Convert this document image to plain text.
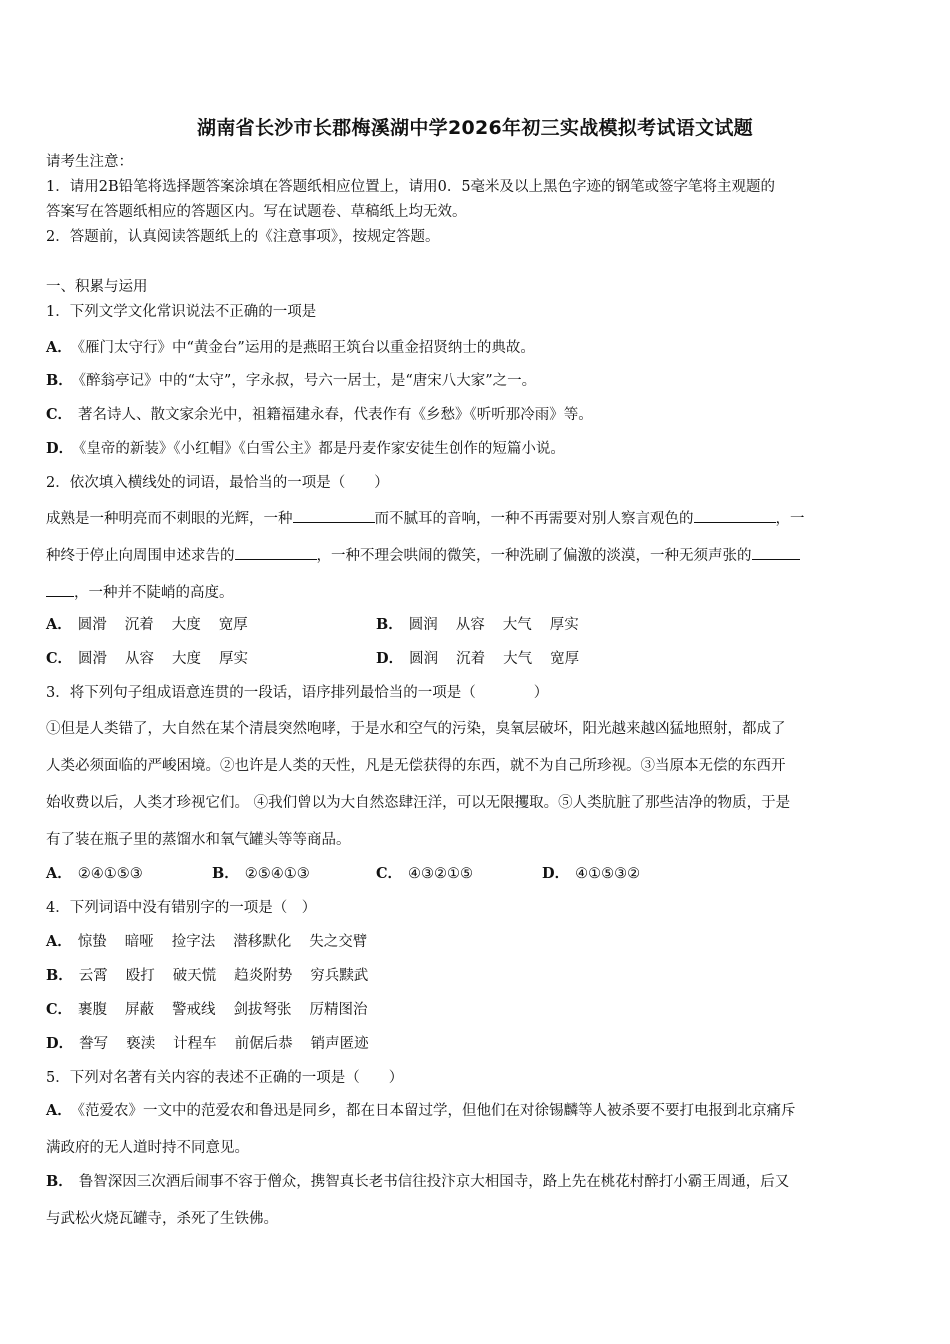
湖南省长沙市长郡梅溪湖中学2026年初三实战模拟考试语文试题
请考生注意：
1．请用2B铅笔将选择题答案涂填在答题纸相应位置上，请用0．5毫米及以上黑色字迹的钢笔或签字笔将主观题的
答案写在答题纸相应的答题区内。写在试题卷、草稿纸上均无效。
2．答题前，认真阅读答题纸上的《注意事项》，按规定答题。
一、积累与运用
1．下列文学文化常识说法不正确的一项是
A． 《雁门太守行》中“黄金台”运用的是燕昭王筑台以重金招贤纳士的典故。
B． 《醉翁亭记》中的“太守”，字永叔，号六一居士，是“唐宋八大家”之一。
C． 著名诗人、散文家余光中，祖籍福建永春，代表作有《乡愁》《听听那冷雨》等。
D． 《皇帝的新装》《小红帽》《白雪公主》都是丹麦作家安徒生创作的短篇小说。
2．依次填入横线处的词语，最恰当的一项是（　　）
成熟是一种明亮而不刺眼的光辉，一种	而不腻耳的音响，一种不再需要对别人察言观色的	，一
种终于停止向周围申述求告的	，一种不理会哄闹的微笑，一种洗刷了偏激的淡漠，一种无须声张的
，一种并不陡峭的高度。
A． 圆滑 沉着 大度 宽厚	B． 圆润 从容 大气 厚实
C． 圆滑 从容 大度 厚实	D． 圆润 沉着 大气 宽厚
3．将下列句子组成语意连贯的一段话，语序排列最恰当的一项是（　　　　）
①但是人类错了，大自然在某个清晨突然咆哮，于是水和空气的污染，臭氧层破坏，阳光越来越凶猛地照射，都成了
人类必须面临的严峻困境。②也许是人类的天性，凡是无偿获得的东西，就不为自己所珍视。③当原本无偿的东西开
始收费以后，人类才珍视它们。 ④我们曾以为大自然恣肆汪洋，可以无限攫取。⑤人类肮脏了那些洁净的物质，于是
有了装在瓶子里的蒸馏水和氧气罐头等等商品。
A． ②④①⑤③	B． ②⑤④①③	C． ④③②①⑤	D． ④①⑤③②
4．下列词语中没有错别字的一项是（　）
A． 惊蛰 暗哑 捡字法 潜移默化 失之交臂
B． 云霄 殴打 破天慌 趋炎附势 穷兵黩武
C． 裹腹 屏蔽 警戒线 剑拔弩张 厉精图治
D． 誊写 亵渎 计程车 前倨后恭 销声匿迹
5．下列对名著有关内容的表述不正确的一项是（　　）
A． 《范爱农》一文中的范爱农和鲁迅是同乡，都在日本留过学，但他们在对徐锡麟等人被杀要不要打电报到北京痛斥
满政府的无人道时持不同意见。
B． 鲁智深因三次酒后闹事不容于僧众，携智真长老书信往投汴京大相国寺，路上先在桃花村醉打小霸王周通，后又
与武松火烧瓦罐寺，杀死了生铁佛。
